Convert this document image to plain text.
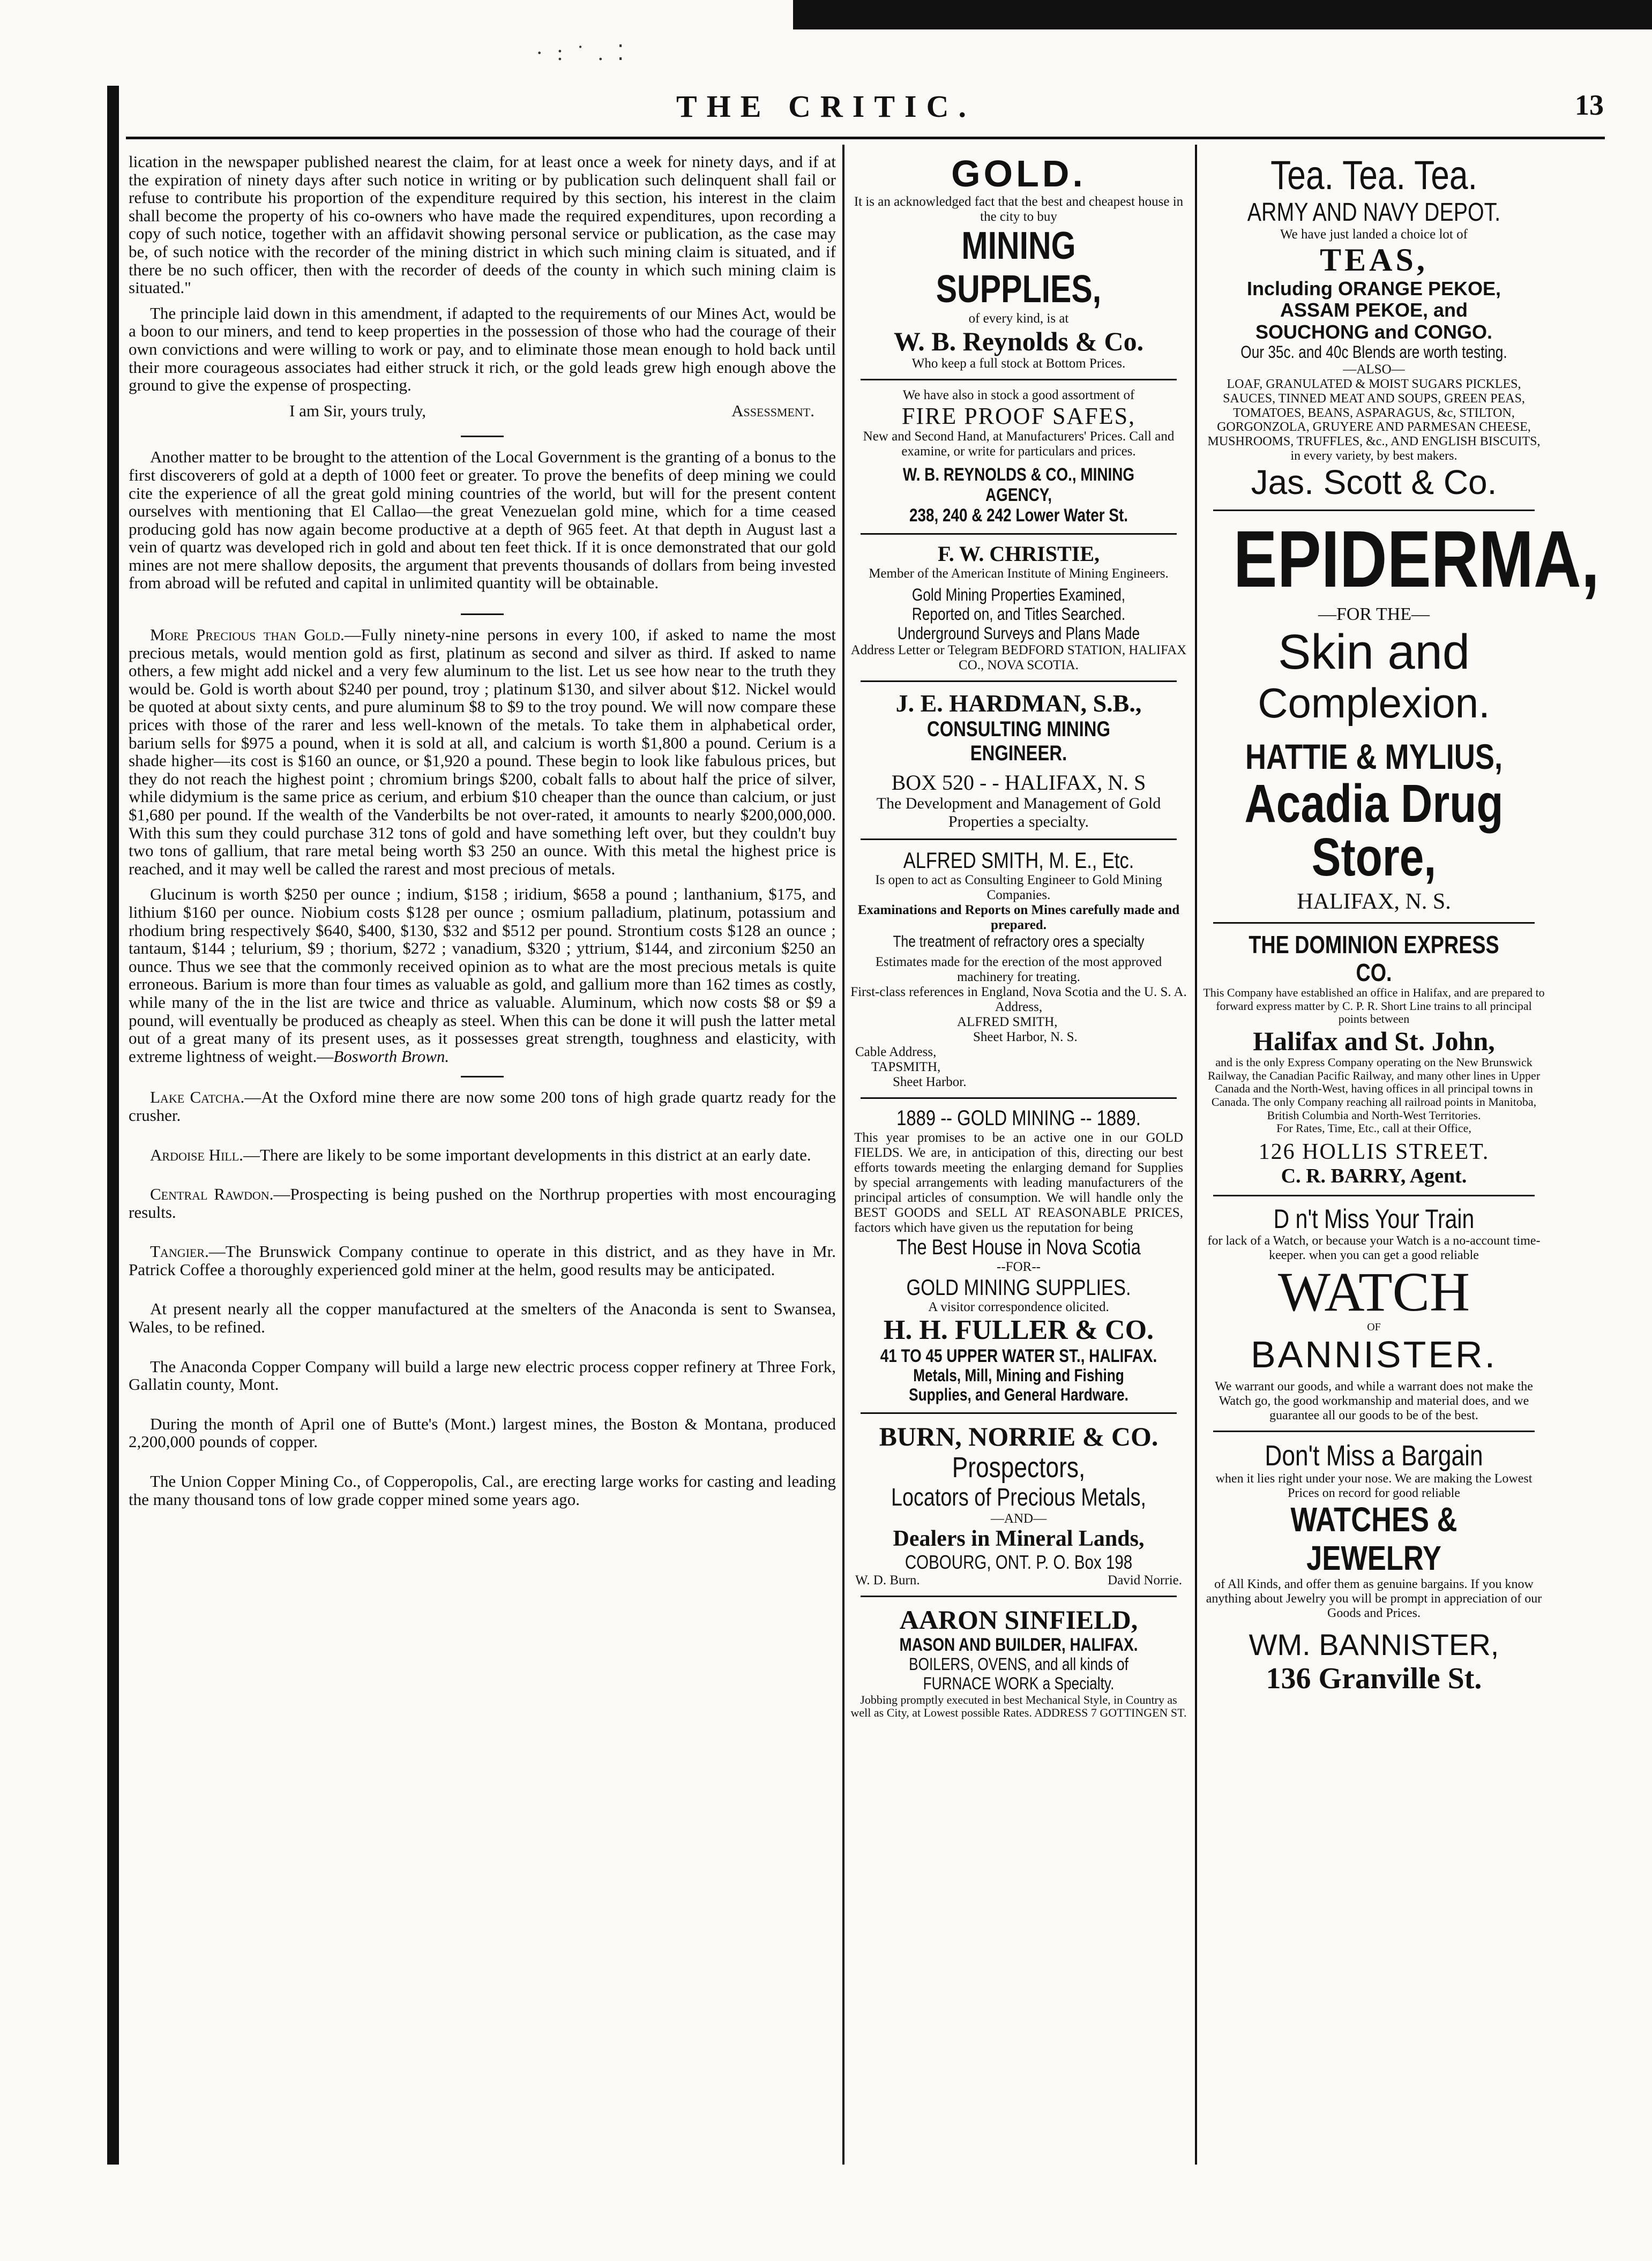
· : ˙ . ⁚
THE CRITIC.	13

lication in the newspaper published nearest the claim, for at least once a week for ninety days, and if at the expiration of ninety days after such notice in writing or by publication such delinquent shall fail or refuse to contribute his proportion of the expenditure required by this section, his interest in the claim shall become the property of his co-owners who have made the required expenditures, upon recording a copy of such notice, together with an affidavit showing personal service or publication, as the case may be, of such notice with the recorder of the mining district in which such mining claim is situated, and if there be no such officer, then with the recorder of deeds of the county in which such mining claim is situated."

The principle laid down in this amendment, if adapted to the requirements of our Mines Act, would be a boon to our miners, and tend to keep properties in the possession of those who had the courage of their own convictions and were willing to work or pay, and to eliminate those mean enough to hold back until their more courageous associates had either struck it rich, or the gold leads grew high enough above the ground to give the expense of prospecting.

I am Sir, yours truly,	Assessment.

Another matter to be brought to the attention of the Local Government is the granting of a bonus to the first discoverers of gold at a depth of 1000 feet or greater. To prove the benefits of deep mining we could cite the experience of all the great gold mining countries of the world, but will for the present content ourselves with mentioning that El Callao—the great Venezuelan gold mine, which for a time ceased producing gold has now again become productive at a depth of 965 feet. At that depth in August last a vein of quartz was developed rich in gold and about ten feet thick. If it is once demonstrated that our gold mines are not mere shallow deposits, the argument that prevents thousands of dollars from being invested from abroad will be refuted and capital in unlimited quantity will be obtainable.

More Precious than Gold.—Fully ninety-nine persons in every 100, if asked to name the most precious metals, would mention gold as first, platinum as second and silver as third. If asked to name others, a few might add nickel and a very few aluminum to the list. Let us see how near to the truth they would be. Gold is worth about $240 per pound, troy ; platinum $130, and silver about $12. Nickel would be quoted at about sixty cents, and pure aluminum $8 to $9 to the troy pound. We will now compare these prices with those of the rarer and less well-known of the metals. To take them in alphabetical order, barium sells for $975 a pound, when it is sold at all, and calcium is worth $1,800 a pound. Cerium is a shade higher—its cost is $160 an ounce, or $1,920 a pound. These begin to look like fabulous prices, but they do not reach the highest point ; chromium brings $200, cobalt falls to about half the price of silver, while didymium is the same price as cerium, and erbium $10 cheaper than the ounce than calcium, or just $1,680 per pound. If the wealth of the Vanderbilts be not over-rated, it amounts to nearly $200,000,000. With this sum they could purchase 312 tons of gold and have something left over, but they couldn't buy two tons of gallium, that rare metal being worth $3 250 an ounce. With this metal the highest price is reached, and it may well be called the rarest and most precious of metals.

Glucinum is worth $250 per ounce ; indium, $158 ; iridium, $658 a pound ; lanthanium, $175, and lithium $160 per ounce. Niobium costs $128 per ounce ; osmium palladium, platinum, potassium and rhodium bring respectively $640, $400, $130, $32 and $512 per pound. Strontium costs $128 an ounce ; tantaum, $144 ; telurium, $9 ; thorium, $272 ; vanadium, $320 ; yttrium, $144, and zirconium $250 an ounce. Thus we see that the commonly received opinion as to what are the most precious metals is quite erroneous. Barium is more than four times as valuable as gold, and gallium more than 162 times as costly, while many of the in the list are twice and thrice as valuable. Aluminum, which now costs $8 or $9 a pound, will eventually be produced as cheaply as steel. When this can be done it will push the latter metal out of a great many of its present uses, as it possesses great strength, toughness and elasticity, with extreme lightness of weight.—Bosworth Brown.

Lake Catcha.—At the Oxford mine there are now some 200 tons of high grade quartz ready for the crusher.

Ardoise Hill.—There are likely to be some important developments in this district at an early date.

Central Rawdon.—Prospecting is being pushed on the Northrup properties with most encouraging results.

Tangier.—The Brunswick Company continue to operate in this district, and as they have in Mr. Patrick Coffee a thoroughly experienced gold miner at the helm, good results may be anticipated.

At present nearly all the copper manufactured at the smelters of the Anaconda is sent to Swansea, Wales, to be refined.

The Anaconda Copper Company will build a large new electric process copper refinery at Three Fork, Gallatin county, Mont.

During the month of April one of Butte's (Mont.) largest mines, the Boston & Montana, produced 2,200,000 pounds of copper.

The Union Copper Mining Co., of Copperopolis, Cal., are erecting large works for casting and leading the many thousand tons of low grade copper mined some years ago.

GOLD.
It is an acknowledged fact that the best and cheapest house in the city to buy
MINING SUPPLIES,
of every kind, is at
W. B. Reynolds & Co.
Who keep a full stock at Bottom Prices.
We have also in stock a good assortment of
FIRE PROOF SAFES,
New and Second Hand, at Manufacturers' Prices. Call and examine, or write for particulars and prices.
W. B. REYNOLDS & CO., MINING AGENCY,
238, 240 & 242 Lower Water St.
F. W. CHRISTIE,
Member of the American Institute of Mining Engineers.
Gold Mining Properties Examined,
Reported on, and Titles Searched.
Underground Surveys and Plans Made
Address Letter or Telegram BEDFORD STATION, HALIFAX CO., NOVA SCOTIA.
J. E. HARDMAN, S.B.,
CONSULTING MINING ENGINEER.
BOX 520 - - HALIFAX, N. S
The Development and Management of Gold Properties a specialty.
ALFRED SMITH, M. E., Etc.
Is open to act as Consulting Engineer to Gold Mining Companies.
Examinations and Reports on Mines carefully made and prepared.
The treatment of refractory ores a specialty
Estimates made for the erection of the most approved machinery for treating.
First-class references in England, Nova Scotia and the U. S. A. Address,
ALFRED SMITH,
Sheet Harbor, N. S.
Cable Address,
TAPSMITH,
Sheet Harbor.
1889 -- GOLD MINING -- 1889.
This year promises to be an active one in our GOLD FIELDS. We are, in anticipation of this, directing our best efforts towards meeting the enlarging demand for Supplies by special arrangements with leading manufacturers of the principal articles of consumption. We will handle only the BEST GOODS and SELL AT REASONABLE PRICES, factors which have given us the reputation for being
The Best House in Nova Scotia
--FOR--
GOLD MINING SUPPLIES.
A visitor correspondence olicited.
H. H. FULLER & CO.
41 TO 45 UPPER WATER ST., HALIFAX.
Metals, Mill, Mining and Fishing Supplies, and General Hardware.
BURN, NORRIE & CO.
Prospectors,
Locators of Precious Metals,
—AND—
Dealers in Mineral Lands,
COBOURG, ONT. P. O. Box 198
W. D. Burn.	David Norrie.
AARON SINFIELD,
MASON AND BUILDER, HALIFAX.
BOILERS, OVENS, and all kinds of FURNACE WORK a Specialty.
Jobbing promptly executed in best Mechanical Style, in Country as well as City, at Lowest possible Rates. ADDRESS 7 GOTTINGEN ST.
Tea. Tea. Tea.
ARMY AND NAVY DEPOT.
We have just landed a choice lot of
TEAS,
Including ORANGE PEKOE,
ASSAM PEKOE, and
SOUCHONG and CONGO.
Our 35c. and 40c Blends are worth testing.
—ALSO—
LOAF, GRANULATED & MOIST SUGARS PICKLES, SAUCES, TINNED MEAT AND SOUPS, GREEN PEAS, TOMATOES, BEANS, ASPARAGUS, &c, STILTON, GORGONZOLA, GRUYERE AND PARMESAN CHEESE, MUSHROOMS, TRUFFLES, &c., AND ENGLISH BISCUITS, in every variety, by best makers.
Jas. Scott & Co.
EPIDERMA,
—FOR THE—
Skin and
Complexion.
HATTIE & MYLIUS,
Acadia Drug Store,
HALIFAX, N. S.
THE DOMINION EXPRESS CO.
This Company have established an office in Halifax, and are prepared to forward express matter by C. P. R. Short Line trains to all principal points between
Halifax and St. John,
and is the only Express Company operating on the New Brunswick Railway, the Canadian Pacific Railway, and many other lines in Upper Canada and the North-West, having offices in all principal towns in Canada. The only Company reaching all railroad points in Manitoba, British Columbia and North-West Territories.
For Rates, Time, Etc., call at their Office,
126 HOLLIS STREET.
C. R. BARRY, Agent.
D n't Miss Your Train
for lack of a Watch, or because your Watch is a no-account time-keeper. when you can get a good reliable
WATCH
OF
BANNISTER.
We warrant our goods, and while a warrant does not make the Watch go, the good workmanship and material does, and we guarantee all our goods to be of the best.
Don't Miss a Bargain
when it lies right under your nose. We are making the Lowest Prices on record for good reliable
WATCHES & JEWELRY
of All Kinds, and offer them as genuine bargains. If you know anything about Jewelry you will be prompt in appreciation of our Goods and Prices.
WM. BANNISTER,
136 Granville St.
